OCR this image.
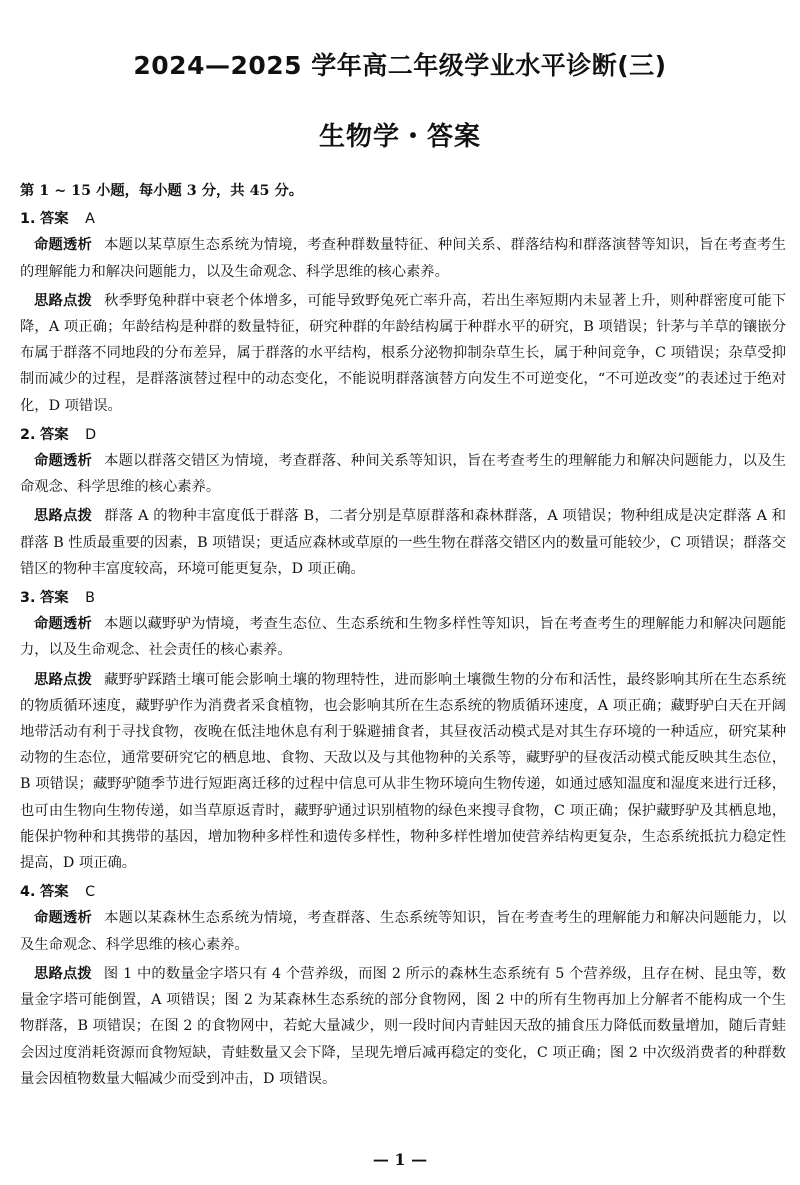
2024—2025 学年高二年级学业水平诊断(三)
生物学・答案

第 1 ~ 15 小题，每小题 3 分，共 45 分。

1. 答案 A

命题透析 本题以某草原生态系统为情境，考查种群数量特征、种间关系、群落结构和群落演替等知识，旨在考查考生的理解能力和解决问题能力，以及生命观念、科学思维的核心素养。

思路点拨 秋季野兔种群中衰老个体增多，可能导致野兔死亡率升高，若出生率短期内未显著上升，则种群密度可能下降，A 项正确；年龄结构是种群的数量特征，研究种群的年龄结构属于种群水平的研究，B 项错误；针茅与羊草的镶嵌分布属于群落不同地段的分布差异，属于群落的水平结构，根系分泌物抑制杂草生长，属于种间竞争，C 项错误；杂草受抑制而减少的过程，是群落演替过程中的动态变化，不能说明群落演替方向发生不可逆变化，“不可逆改变”的表述过于绝对化，D 项错误。

2. 答案 D

命题透析 本题以群落交错区为情境，考查群落、种间关系等知识，旨在考查考生的理解能力和解决问题能力，以及生命观念、科学思维的核心素养。

思路点拨 群落 A 的物种丰富度低于群落 B，二者分别是草原群落和森林群落，A 项错误；物种组成是决定群落 A 和群落 B 性质最重要的因素，B 项错误；更适应森林或草原的一些生物在群落交错区内的数量可能较少，C 项错误；群落交错区的物种丰富度较高，环境可能更复杂，D 项正确。

3. 答案 B

命题透析 本题以藏野驴为情境，考查生态位、生态系统和生物多样性等知识，旨在考查考生的理解能力和解决问题能力，以及生命观念、社会责任的核心素养。

思路点拨 藏野驴踩踏土壤可能会影响土壤的物理特性，进而影响土壤微生物的分布和活性，最终影响其所在生态系统的物质循环速度，藏野驴作为消费者采食植物，也会影响其所在生态系统的物质循环速度，A 项正确；藏野驴白天在开阔地带活动有利于寻找食物，夜晚在低洼地休息有利于躲避捕食者，其昼夜活动模式是对其生存环境的一种适应，研究某种动物的生态位，通常要研究它的栖息地、食物、天敌以及与其他物种的关系等，藏野驴的昼夜活动模式能反映其生态位，B 项错误；藏野驴随季节进行短距离迁移的过程中信息可从非生物环境向生物传递，如通过感知温度和湿度来进行迁移，也可由生物向生物传递，如当草原返青时，藏野驴通过识别植物的绿色来搜寻食物，C 项正确；保护藏野驴及其栖息地，能保护物种和其携带的基因，增加物种多样性和遗传多样性，物种多样性增加使营养结构更复杂，生态系统抵抗力稳定性提高，D 项正确。

4. 答案 C

命题透析 本题以某森林生态系统为情境，考查群落、生态系统等知识，旨在考查考生的理解能力和解决问题能力，以及生命观念、科学思维的核心素养。

思路点拨 图 1 中的数量金字塔只有 4 个营养级，而图 2 所示的森林生态系统有 5 个营养级，且存在树、昆虫等，数量金字塔可能倒置，A 项错误；图 2 为某森林生态系统的部分食物网，图 2 中的所有生物再加上分解者不能构成一个生物群落，B 项错误；在图 2 的食物网中，若蛇大量减少，则一段时间内青蛙因天敌的捕食压力降低而数量增加，随后青蛙会因过度消耗资源而食物短缺，青蛙数量又会下降，呈现先增后减再稳定的变化，C 项正确；图 2 中次级消费者的种群数量会因植物数量大幅减少而受到冲击，D 项错误。

— 1 —
